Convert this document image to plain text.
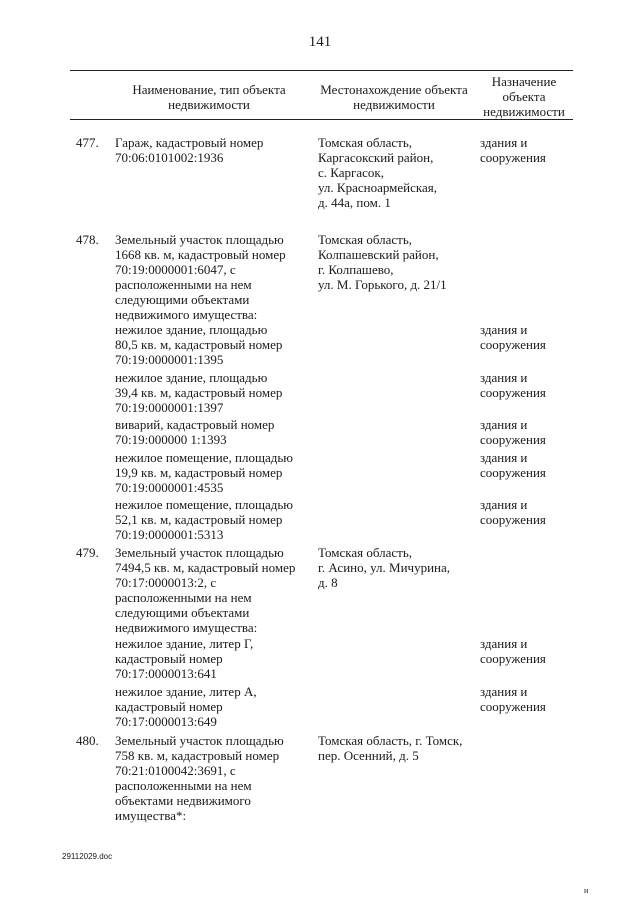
141
Наименование, тип объекта недвижимости
Местонахождение объекта недвижимости
Назначение объекта недвижимости
477. Гараж, кадастровый номер
70:06:0101002:1936
Томская область,
Каргасокский район,
с. Каргасок,
ул. Красноармейская,
д. 44а, пом. 1
здания и
сооружения
478. Земельный участок площадью
1668 кв. м, кадастровый номер
70:19:0000001:6047, с
расположенными на нем
следующими объектами
недвижимого имущества:
Томская область,
Колпашевский район,
г. Колпашево,
ул. М. Горького, д. 21/1
нежилое здание, площадью
80,5 кв. м, кадастровый номер
70:19:0000001:1395
здания и
сооружения
нежилое здание, площадью
39,4 кв. м, кадастровый номер
70:19:0000001:1397
здания и
сооружения
виварий, кадастровый номер
70:19:000000 1:1393
здания и
сооружения
нежилое помещение, площадью
19,9 кв. м, кадастровый номер
70:19:0000001:4535
здания и
сооружения
нежилое помещение, площадью
52,1 кв. м, кадастровый номер
70:19:0000001:5313
здания и
сооружения
479. Земельный участок площадью
7494,5 кв. м, кадастровый номер
70:17:0000013:2, с
расположенными на нем
следующими объектами
недвижимого имущества:
Томская область,
г. Асино, ул. Мичурина,
д. 8
нежилое здание, литер Г,
кадастровый номер
70:17:0000013:641
здания и
сооружения
нежилое здание, литер А,
кадастровый номер
70:17:0000013:649
здания и
сооружения
480. Земельный участок площадью
758 кв. м, кадастровый номер
70:21:0100042:3691, с
расположенными на нем
объектами недвижимого
имущества*:
Томская область, г. Томск,
пер. Осенний, д. 5
29112029.doc
и
